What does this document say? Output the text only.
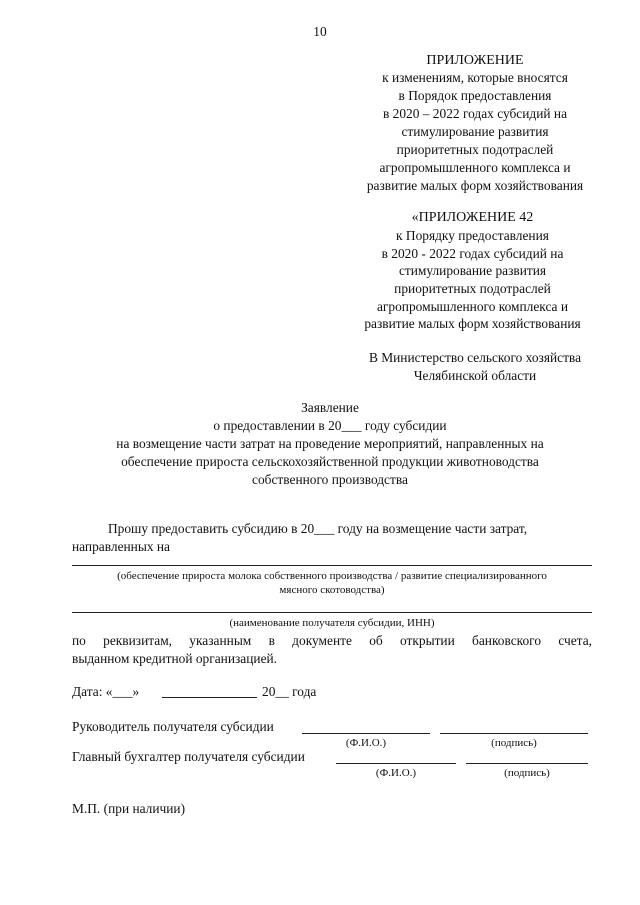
10
ПРИЛОЖЕНИЕ
к изменениям, которые вносятся
в Порядок предоставления
в 2020 – 2022 годах субсидий на
стимулирование развития
приоритетных подотраслей
агропромышленного комплекса и
развитие малых форм хозяйствования
«ПРИЛОЖЕНИЕ 42
к Порядку предоставления
в 2020 - 2022 годах субсидий на
стимулирование развития
приоритетных подотраслей
агропромышленного комплекса и
развитие малых форм хозяйствования
В Министерство сельского хозяйства
Челябинской области
Заявление
о предоставлении в 20___ году субсидии
на возмещение части затрат на проведение мероприятий, направленных на
обеспечение прироста сельскохозяйственной продукции животноводства
собственного производства
Прошу предоставить субсидию в 20___ году на возмещение части затрат,
направленных на
(обеспечение прироста молока собственного производства / развитие специализированного
мясного скотоводства)
(наименование получателя субсидии, ИНН)
по реквизитам, указанным в документе об открытии банковского счета,
выданном кредитной организацией.
Дата: «___»	20__ года
Руководитель получателя субсидии
(Ф.И.О.)	(подпись)
Главный бухгалтер получателя субсидии
(Ф.И.О.)	(подпись)
М.П. (при наличии)
